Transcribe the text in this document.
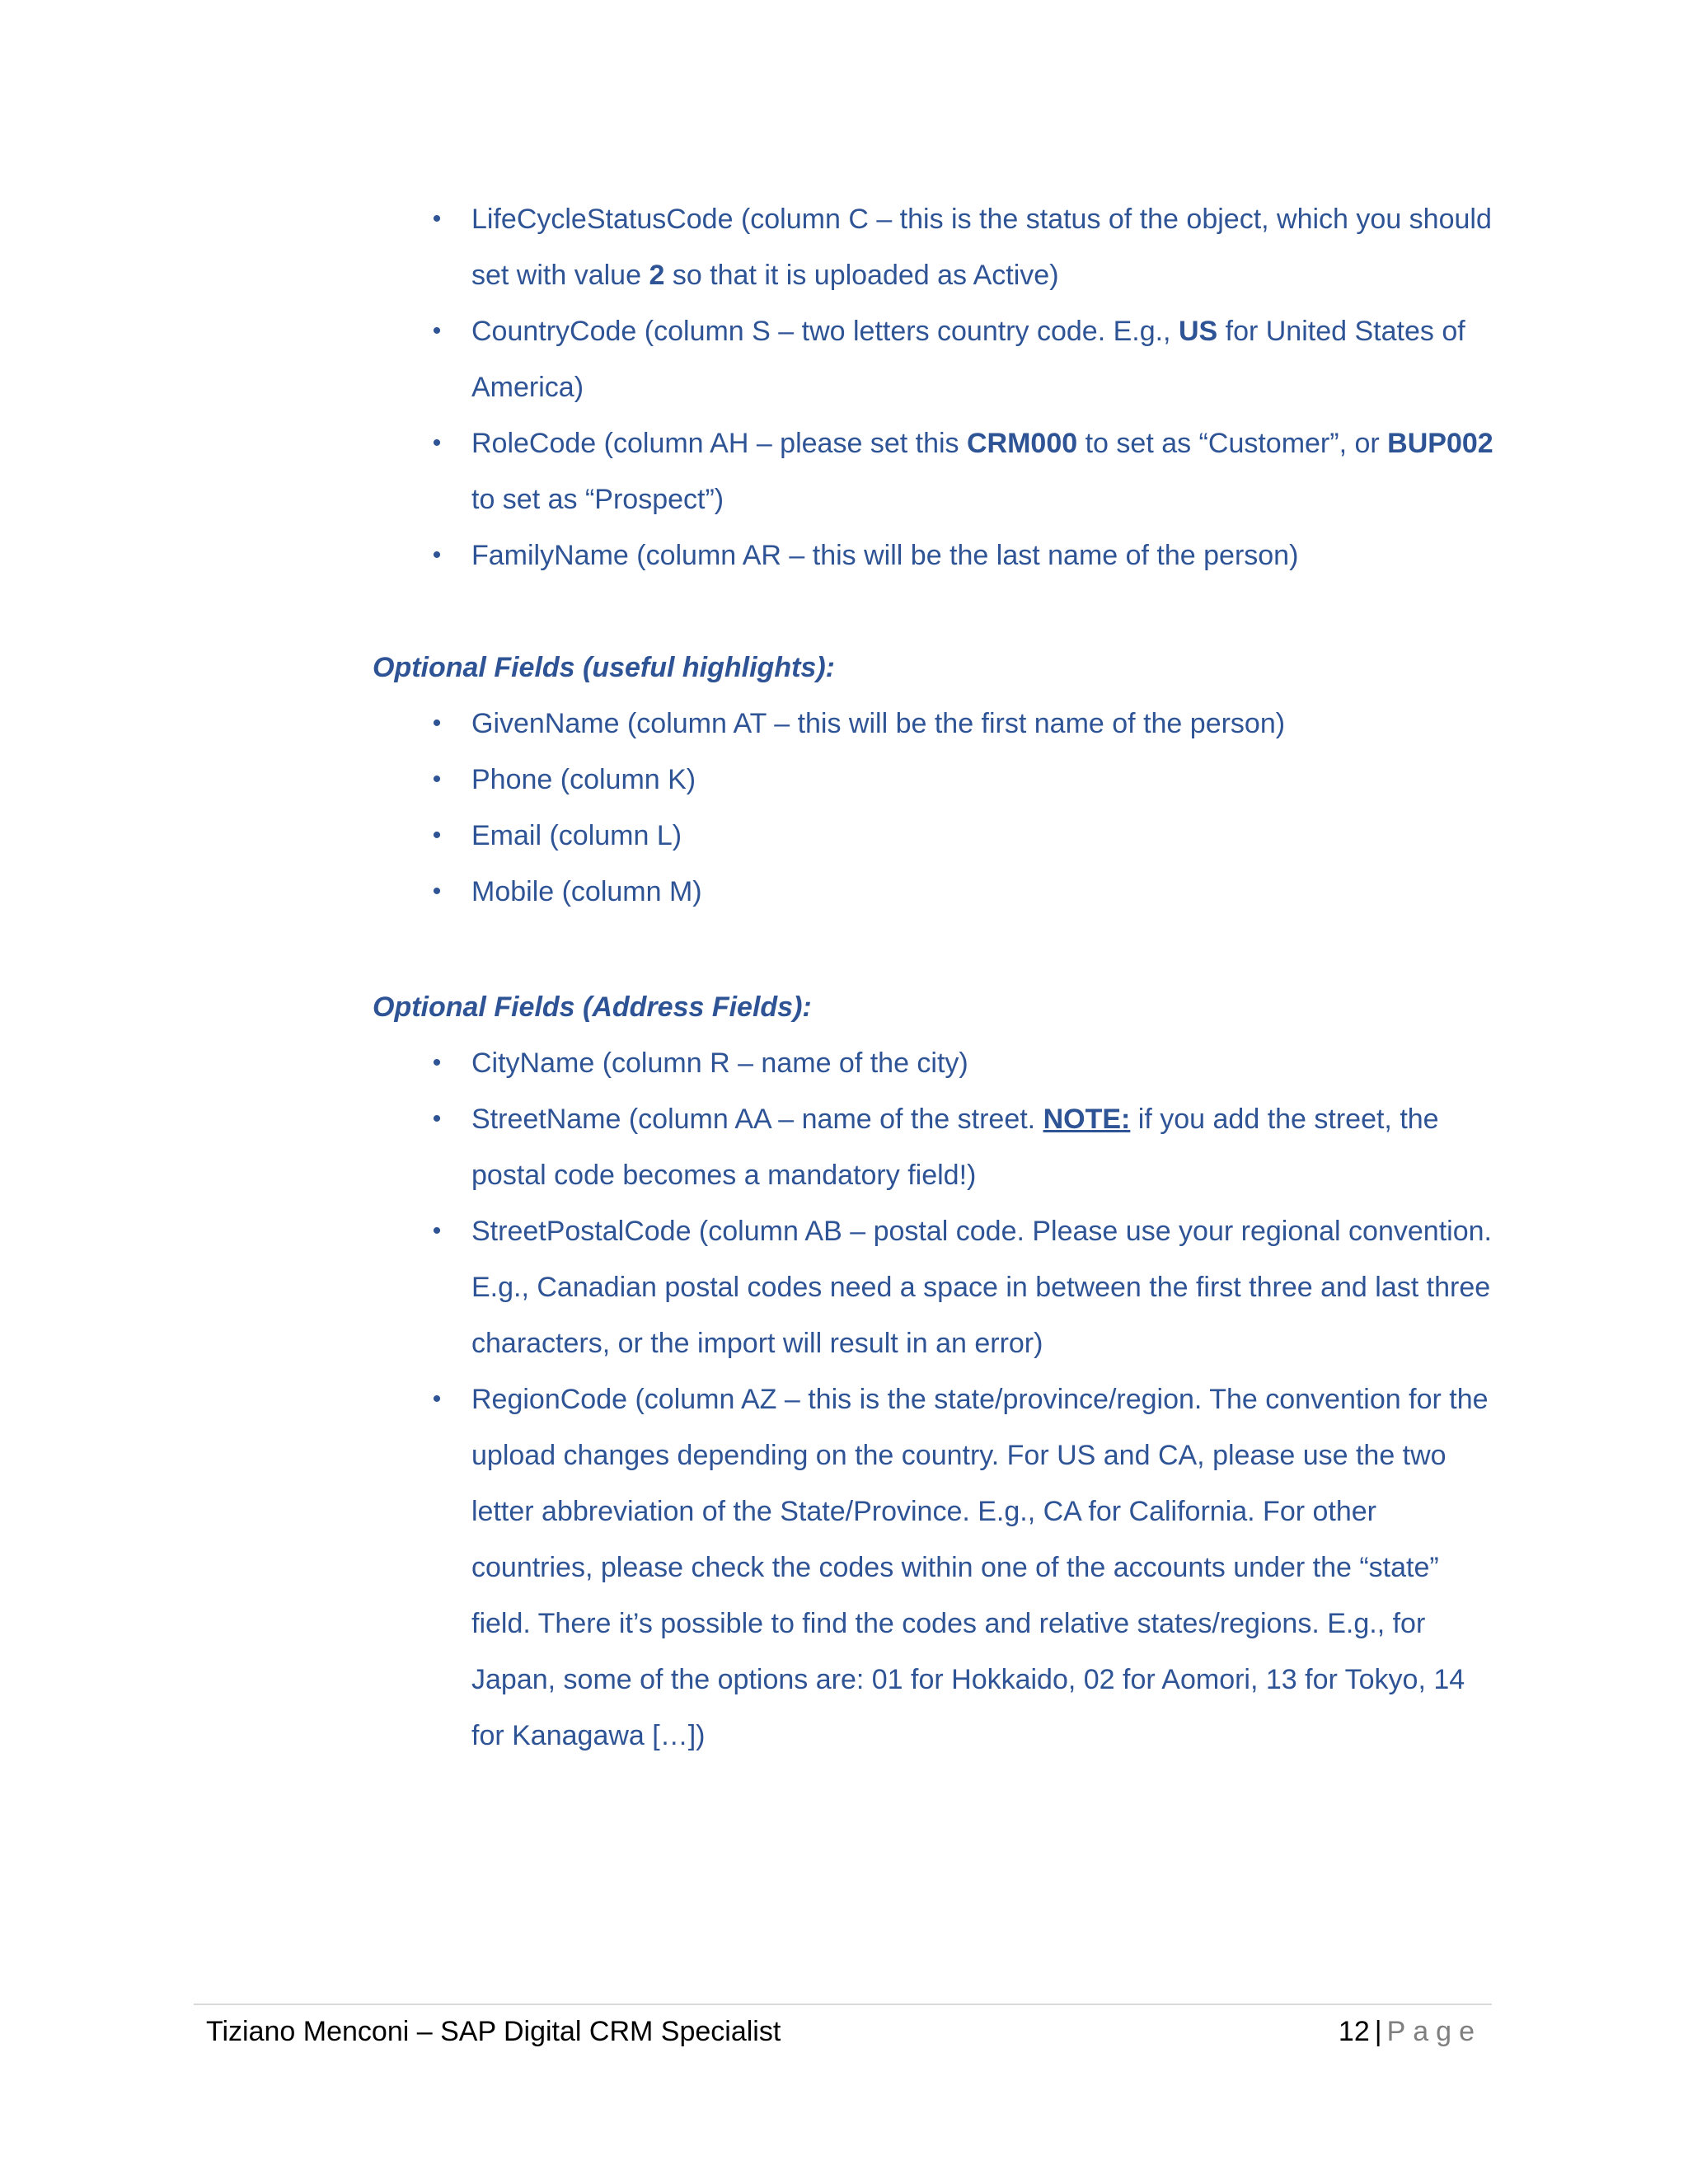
• LifeCycleStatusCode (column C – this is the status of the object, which you should set with value 2 so that it is uploaded as Active)
• CountryCode (column S – two letters country code. E.g., US for United States of America)
• RoleCode (column AH – please set this CRM000 to set as “Customer”, or BUP002 to set as “Prospect”)
• FamilyName (column AR – this will be the last name of the person)
Optional Fields (useful highlights):
• GivenName (column AT – this will be the first name of the person)
• Phone (column K)
• Email (column L)
• Mobile (column M)
Optional Fields (Address Fields):
• CityName (column R – name of the city)
• StreetName (column AA – name of the street. NOTE: if you add the street, the postal code becomes a mandatory field!)
• StreetPostalCode (column AB – postal code. Please use your regional convention. E.g., Canadian postal codes need a space in between the first three and last three characters, or the import will result in an error)
• RegionCode (column AZ – this is the state/province/region. The convention for the upload changes depending on the country. For US and CA, please use the two letter abbreviation of the State/Province. E.g., CA for California. For other countries, please check the codes within one of the accounts under the “state” field. There it’s possible to find the codes and relative states/regions. E.g., for Japan, some of the options are: 01 for Hokkaido, 02 for Aomori, 13 for Tokyo, 14 for Kanagawa […])
Tiziano Menconi – SAP Digital CRM Specialist	12 | Page
